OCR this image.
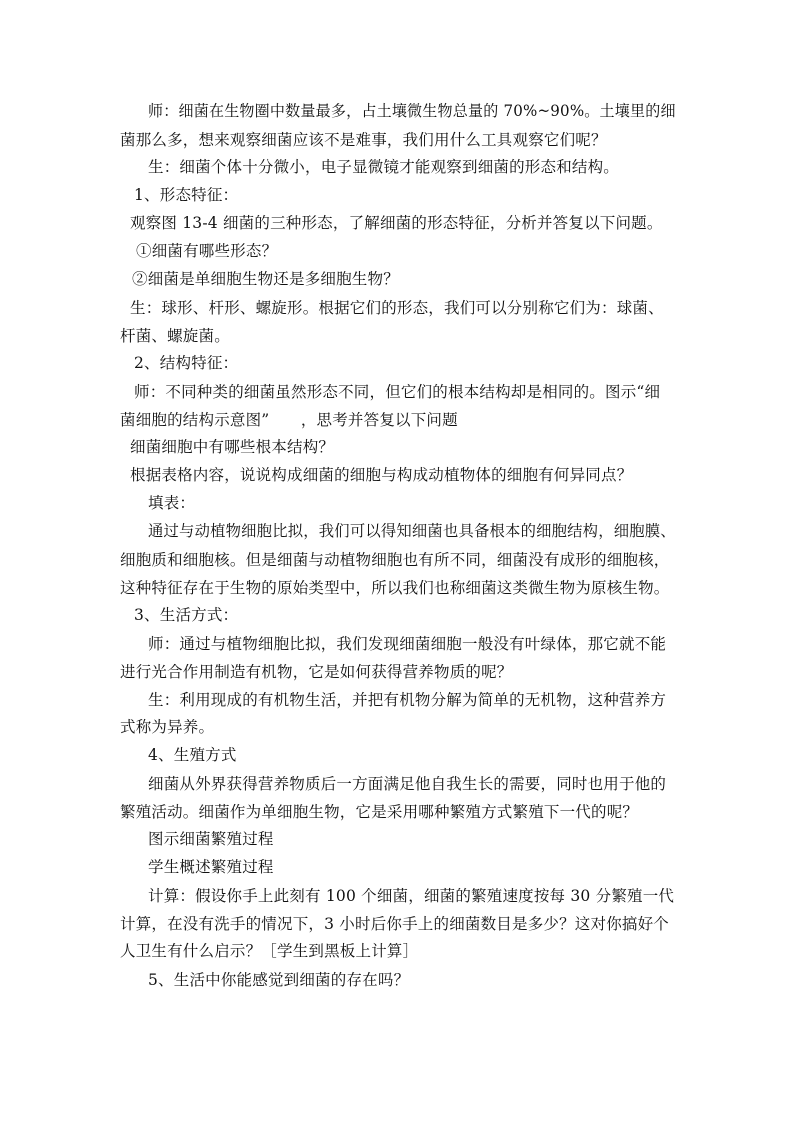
师：细菌在生物圈中数量最多，占土壤微生物总量的 70%~90%。土壤里的细
菌那么多，想来观察细菌应该不是难事，我们用什么工具观察它们呢？
生：细菌个体十分微小，电子显微镜才能观察到细菌的形态和结构。
1、形态特征：
观察图 13-4 细菌的三种形态，了解细菌的形态特征，分析并答复以下问题。
①细菌有哪些形态？
②细菌是单细胞生物还是多细胞生物？
生：球形、杆形、螺旋形。根据它们的形态，我们可以分别称它们为：球菌、
杆菌、螺旋菌。
2、结构特征：
师：不同种类的细菌虽然形态不同，但它们的根本结构却是相同的。图示“细
菌细胞的结构示意图”　　，思考并答复以下问题
细菌细胞中有哪些根本结构？
根据表格内容，说说构成细菌的细胞与构成动植物体的细胞有何异同点？
填表：
通过与动植物细胞比拟，我们可以得知细菌也具备根本的细胞结构，细胞膜、
细胞质和细胞核。但是细菌与动植物细胞也有所不同，细菌没有成形的细胞核，
这种特征存在于生物的原始类型中，所以我们也称细菌这类微生物为原核生物。
3、生活方式：
师：通过与植物细胞比拟，我们发现细菌细胞一般没有叶绿体，那它就不能
进行光合作用制造有机物，它是如何获得营养物质的呢？
生：利用现成的有机物生活，并把有机物分解为简单的无机物，这种营养方
式称为异养。
4、生殖方式
细菌从外界获得营养物质后一方面满足他自我生长的需要，同时也用于他的
繁殖活动。细菌作为单细胞生物，它是采用哪种繁殖方式繁殖下一代的呢？
图示细菌繁殖过程
学生概述繁殖过程
计算：假设你手上此刻有 100 个细菌，细菌的繁殖速度按每 30 分繁殖一代
计算，在没有洗手的情况下，3 小时后你手上的细菌数目是多少？这对你搞好个
人卫生有什么启示？［学生到黑板上计算］
5、生活中你能感觉到细菌的存在吗？
